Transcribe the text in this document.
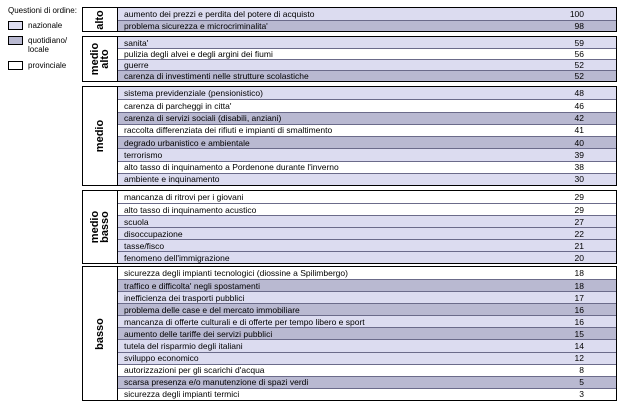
Questioni di ordine:
nazionale
quotidiano/ locale
provinciale
alto	aumento dei prezzi e perdita del potere di acquisto	100
problema sicurezza e microcriminalita'	98
medio alto
sanita'	59
pulizia degli alvei e degli argini dei fiumi	56
guerre	52
carenza di investimenti nelle strutture scolastiche	52
medio
sistema previdenziale (pensionistico)	48
carenza di parcheggi in citta'	46
carenza di servizi sociali (disabili, anziani)	42
raccolta differenziata dei rifiuti e impianti di smaltimento	41
degrado urbanistico e ambientale	40
terrorismo	39
alto tasso di inquinamento a Pordenone durante l'inverno	38
ambiente e inquinamento	30
medio basso
mancanza di ritrovi per i giovani	29
alto tasso di inquinamento acustico	29
scuola	27
disoccupazione	22
tasse/fisco	21
fenomeno dell'immigrazione	20
basso
sicurezza degli impianti tecnologici (diossine a Spilimbergo)	18
traffico e difficolta' negli spostamenti	18
inefficienza dei trasporti pubblici	17
problema delle case e del mercato immobiliare	16
mancanza di offerte culturali e di offerte per tempo libero e sport	16
aumento delle tariffe dei servizi pubblici	15
tutela del risparmio degli italiani	14
sviluppo economico	12
autorizzazioni per gli scarichi d'acqua	8
scarsa presenza e/o manutenzione di spazi verdi	5
sicurezza degli impianti termici	3
